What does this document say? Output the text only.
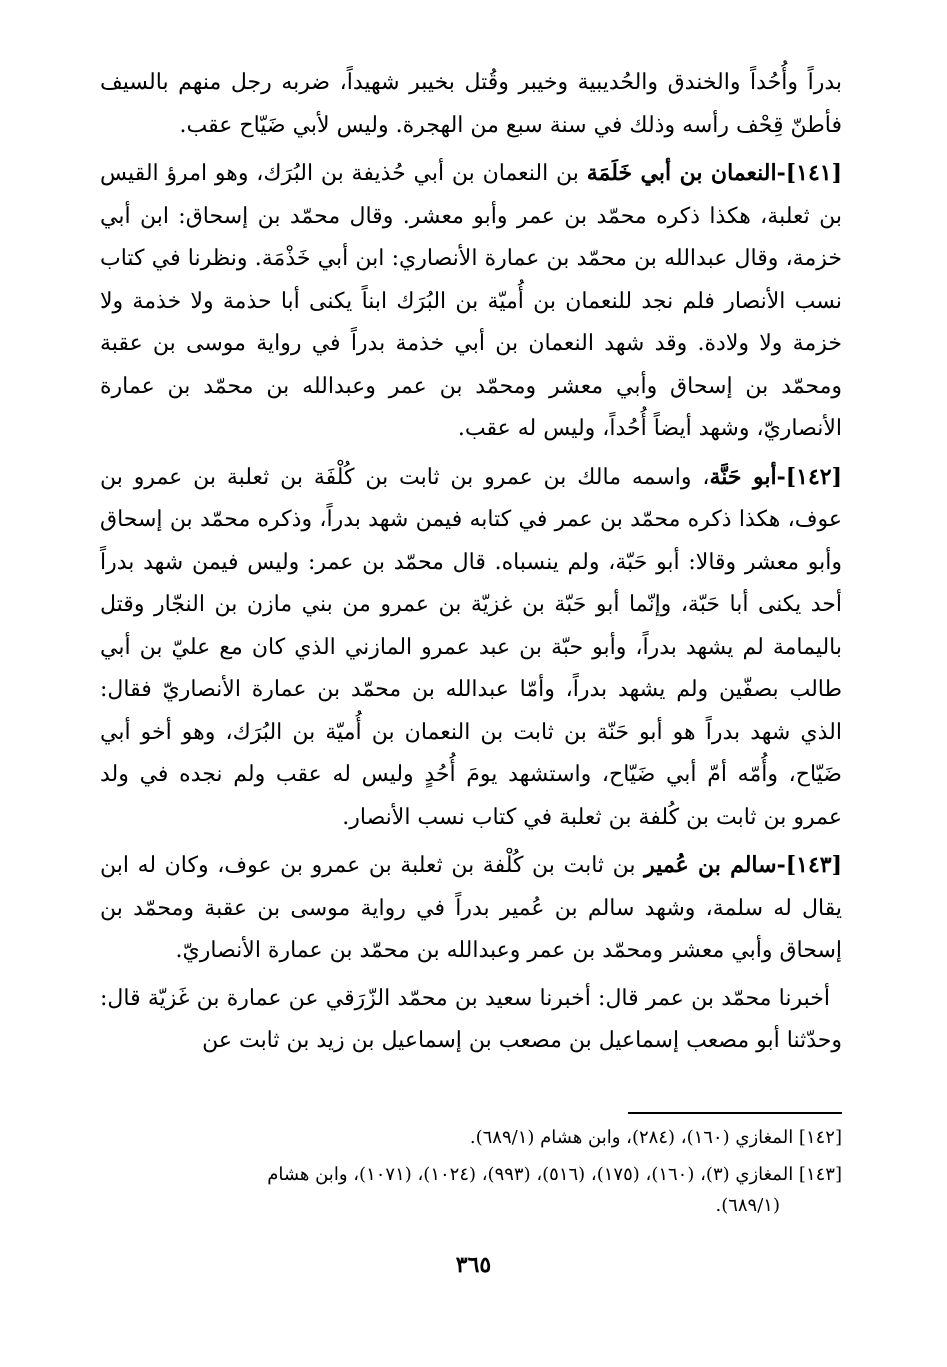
بدراً وأُحُداً والخندق والحُديبية وخيبر وقُتل بخيبر شهيداً، ضربه رجل منهم بالسيف فأطنّ قِحْف رأسه وذلك في سنة سبع من الهجرة. وليس لأبي ضَيّاح عقب.

[١٤١]-النعمان بن أبي خَلَمَة بن النعمان بن أبي حُذيفة بن البُرَك، وهو امرؤ القيس بن ثعلبة، هكذا ذكره محمّد بن عمر وأبو معشر. وقال محمّد بن إسحاق: ابن أبي خزمة، وقال عبدالله بن محمّد بن عمارة الأنصاري: ابن أبي خَذْمَة. ونظرنا في كتاب نسب الأنصار فلم نجد للنعمان بن أُميّة بن البُرَك ابناً يكنى أبا حذمة ولا خذمة ولا خزمة ولا ولادة. وقد شهد النعمان بن أبي خذمة بدراً في رواية موسى بن عقبة ومحمّد بن إسحاق وأبي معشر ومحمّد بن عمر وعبدالله بن محمّد بن عمارة الأنصاريّ، وشهد أيضاً أُحُداً، وليس له عقب.

[١٤٢]-أبو حَنَّة، واسمه مالك بن عمرو بن ثابت بن كُلْفَة بن ثعلبة بن عمرو بن عوف، هكذا ذكره محمّد بن عمر في كتابه فيمن شهد بدراً، وذكره محمّد بن إسحاق وأبو معشر وقالا: أبو حَبّة، ولم ينسباه. قال محمّد بن عمر: وليس فيمن شهد بدراً أحد يكنى أبا حَبّة، وإنّما أبو حَبّة بن غزيّة بن عمرو من بني مازن بن النجّار وقتل باليمامة لم يشهد بدراً، وأبو حبّة بن عبد عمرو المازني الذي كان مع عليّ بن أبي طالب بصفّين ولم يشهد بدراً، وأمّا عبدالله بن محمّد بن عمارة الأنصاريّ فقال: الذي شهد بدراً هو أبو حَنّة بن ثابت بن النعمان بن أُميّة بن البُرَك، وهو أخو أبي ضَيّاح، وأُمّه أمّ أبي ضَيّاح، واستشهد يومَ أُحُدٍ وليس له عقب ولم نجده في ولد عمرو بن ثابت بن كُلفة بن ثعلبة في كتاب نسب الأنصار.

[١٤٣]-سالم بن عُمير بن ثابت بن كُلْفة بن ثعلبة بن عمرو بن عوف، وكان له ابن يقال له سلمة، وشهد سالم بن عُمير بدراً في رواية موسى بن عقبة ومحمّد بن إسحاق وأبي معشر ومحمّد بن عمر وعبدالله بن محمّد بن عمارة الأنصاريّ.

أخبرنا محمّد بن عمر قال: أخبرنا سعيد بن محمّد الزّرَقي عن عمارة بن غَزيّة قال: وحدّثنا أبو مصعب إسماعيل بن مصعب بن إسماعيل بن زيد بن ثابت عن

[١٤٢] المغازي (١٦٠)، (٢٨٤)، وابن هشام (٦٨٩/١).

[١٤٣] المغازي (٣)، (١٦٠)، (١٧٥)، (٥١٦)، (٩٩٣)، (١٠٢٤)، (١٠٧١)، وابن هشام
(٦٨٩/١).

٣٦٥
